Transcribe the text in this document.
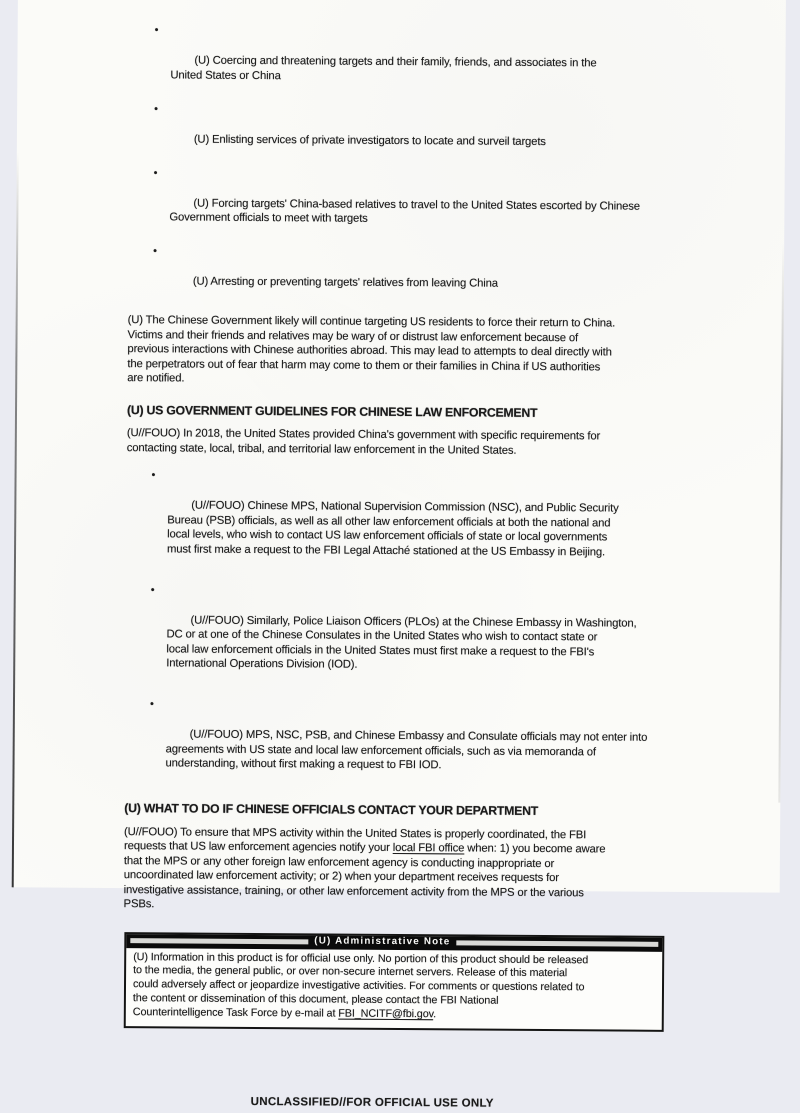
•

(U) Coercing and threatening targets and their family, friends, and associates in the
United States or China

•

(U) Enlisting services of private investigators to locate and surveil targets

•

(U) Forcing targets' China-based relatives to travel to the United States escorted by Chinese
Government officials to meet with targets

•

(U) Arresting or preventing targets' relatives from leaving China

(U) The Chinese Government likely will continue targeting US residents to force their return to China.
Victims and their friends and relatives may be wary of or distrust law enforcement because of
previous interactions with Chinese authorities abroad. This may lead to attempts to deal directly with
the perpetrators out of fear that harm may come to them or their families in China if US authorities
are notified.
(U) US GOVERNMENT GUIDELINES FOR CHINESE LAW ENFORCEMENT
(U//FOUO) In 2018, the United States provided China's government with specific requirements for
contacting state, local, tribal, and territorial law enforcement in the United States.

•

(U//FOUO) Chinese MPS, National Supervision Commission (NSC), and Public Security
Bureau (PSB) officials, as well as all other law enforcement officials at both the national and
local levels, who wish to contact US law enforcement officials of state or local governments
must first make a request to the FBI Legal Attaché stationed at the US Embassy in Beijing.

•

(U//FOUO) Similarly, Police Liaison Officers (PLOs) at the Chinese Embassy in Washington,
DC or at one of the Chinese Consulates in the United States who wish to contact state or
local law enforcement officials in the United States must first make a request to the FBI's
International Operations Division (IOD).

•

(U//FOUO) MPS, NSC, PSB, and Chinese Embassy and Consulate officials may not enter into
agreements with US state and local law enforcement officials, such as via memoranda of
understanding, without first making a request to FBI IOD.

(U) WHAT TO DO IF CHINESE OFFICIALS CONTACT YOUR DEPARTMENT
(U//FOUO) To ensure that MPS activity within the United States is properly coordinated, the FBI
requests that US law enforcement agencies notify your local FBI office when: 1) you become aware
that the MPS or any other foreign law enforcement agency is conducting inappropriate or
uncoordinated law enforcement activity; or 2) when your department receives requests for
investigative assistance, training, or other law enforcement activity from the MPS or the various
PSBs.
(U) Administrative Note
(U) Information in this product is for official use only. No portion of this product should be released
to the media, the general public, or over non-secure internet servers. Release of this material
could adversely affect or jeopardize investigative activities. For comments or questions related to
the content or dissemination of this document, please contact the FBI National
Counterintelligence Task Force by e-mail at FBI_NCITF@fbi.gov.
UNCLASSIFIED//FOR OFFICIAL USE ONLY
